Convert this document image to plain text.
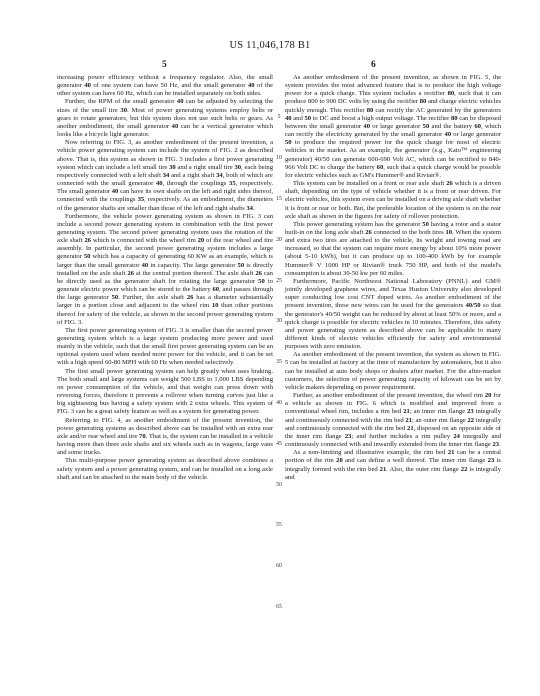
US 11,046,178 B1
5	6

increasing power efficiency without a frequency regulator. Also, the small generator 40 of one system can have 50 Hz, and the small generator 40 of the other system can have 60 Hz, which can be installed separately on both sides.

Further, the RPM of the small generator 40 can be adjusted by selecting the sizes of the small tire 30. Most of power generating systems employ belts or gears to rotate generators, but this system does not use such belts or gears. As another embodiment, the small generator 40 can be a vertical generator which looks like a bicycle light generator.

Now referring to FIG. 3, as another embodiment of the present invention, a vehicle power generating system can include the system of FIG. 2 as described above. That is, this system as shown in FIG. 3 includes a first power generating system which can include a left small tire 30 and a right small tire 30, each being respectively connected with a left shaft 34 and a right shaft 34, both of which are connected with the small generator 40, through the couplings 35, respectively. The small generator 40 can have its own shafts on the left and right sides thereof, connected with the couplings 35, respectively. As an embodiment, the diameters of the generator shafts are smaller than those of the left and right shafts 34.

Furthermore, the vehicle power generating system as shown in FIG. 3 can include a second power generating system in combination with the first power generating system. The second power generating system uses the rotation of the axle shaft 26 which is connected with the wheel rim 20 of the rear wheel and tire assembly. In particular, the second power generating system includes a large generator 50 which has a capacity of generating 60 KW as an example, which is larger than the small generator 40 in capacity. The large generator 50 is directly installed on the axle shaft 26 at the central portion thereof. The axle shaft 26 can be directly used as the generator shaft for rotating the large generator 50 to generate electric power which can be stored to the battery 60, and passes through the large generator 50. Further, the axle shaft 26 has a diameter substantially larger in a portion close and adjacent to the wheel rim 10 than other portions thereof for safety of the vehicle, as shown in the second power generating system of FIG. 3.

The first power generating system of FIG. 3 is smaller than the second power generating system which is a large system producing more power and used mainly in the vehicle, such that the small first power generating system can be an optional system used when needed more power for the vehicle, and it can be set with a high speed 60-80 MPH with 60 Hz when needed selectively.

The first small power generating system can help greatly when uses braking. The both small and large systems can weight 500 LBS to 1,000 LBS depending on power consumption of the vehicle, and that weight can press down with reversing forces, therefore it prevents a rollover when turning curves just like a big sightseeing bus having a safety system with 2 extra wheels. This system of FIG. 3 can be a great safety feature as well as a system for generating power.

Referring to FIG. 4, as another embodiment of the present invention, the power generating systems as described above can be installed with an extra rear axle and/or rear wheel and tire 70. That is, the system can be installed in a vehicle having more than three axle shafts and six wheels such as in wagons, large vans and some trucks.

This multi-purpose power generating system as described above combines a safety system and a power generating system, and can be installed on a long axle shaft and can be attached to the main body of the vehicle.

5
10
15
20
25
30
35
40
45
50
55
60
65

As another embodiment of the present invention, as shown in FIG. 5, the system provides the most advanced feature that is to produce the high voltage power for a quick charge. This system includes a rectifier 80, such that it can produce 800 to 900 DC volts by using the rectifier 80 and charge electric vehicles quickly enough. This rectifier 80 can rectify the AC generated by the generators 40 and 50 to DC and boost a high output voltage. The rectifier 80 can be disposed between the small generator 40 or large generator 50 and the battery 60, which can rectify the electricity generated by the small generator 40 or large generator 50 to produce the required power for the quick charge for most of electric vehicles in the market. As an example, the generator (e.g., Kato™ engineering generator) 40/50 can generate 600-690 Volt AC, which can be rectified to 840-966 Volt DC to charge the battery 60, such that a quick charge would be possible for electric vehicles such as GM's Hummer® and Rivian®.

This system can be installed on a front or rear axle shaft 26 which is a driven shaft, depending on the type of vehicle whether it is a front or rear driven. For electric vehicles, this system even can be installed on a driving axle shaft whether it is front or rear or both. But, the preferable location of the system is on the rear axle shaft as shown in the figures for safety of rollover protection.

This power generating system has the generator 50 having a rotor and a stator built-in on the long axle shaft 26 connected to the both tires 10. When the system and extra two tires are attached to the vehicle, its weight and towing road are increased, so that the system can require more energy by about 10% more power (about 5-10 kWh), but it can produce up to 100-400 kWh by for example Hummer® V 1000 HP or Rivian® truck 750 HP, and both of the model's consumption is about 30-50 kw per 60 miles.

Furthermore, Pacific Northwest National Laboratory (PNNL) and GM® jointly developed graphene wires, and Texas Huston University also developed super conducting low cost CNT doped wires. As another embodiment of the present invention, these new wires can be used for the generators 40/50 so that the generator's 40/50 weight can be reduced by about at least 50% or more, and a quick charge is possible for electric vehicles in 10 minutes. Therefore, this safety and power generating system as described above can be applicable to many different kinds of electric vehicles efficiently for safety and environmental purposes with zero emission.

As another embodiment of the present invention, the system as shown in FIG. 5 can be installed at factory at the time of manufacture by automakers, but it also can be installed at auto body shops or dealers after market. For the after-market customers, the selection of power generating capacity of kilowatt can be set by vehicle makers depending on power requirement.

Further, as another embodiment of the present invention, the wheel rim 20 for a vehicle as shown in FIG. 6 which is modified and improved from a conventional wheel rim, includes a rim bed 21; an inner rim flange 23 integrally and continuously connected with the rim bed 21; an outer rim flange 22 integrally and continuously connected with the rim bed 21, disposed on an opposite side of the inner rim flange 23; and further includes a rim pulley 24 integrally and continuously connected with and inwardly extended from the inner rim flange 23.

As a non-limiting and illustrative example, the rim bed 21 can be a central portion of the rim 20 and can define a well thereof. The inner rim flange 23 is integrally formed with the rim bed 21. Also, the outer rim flange 22 is integrally and
